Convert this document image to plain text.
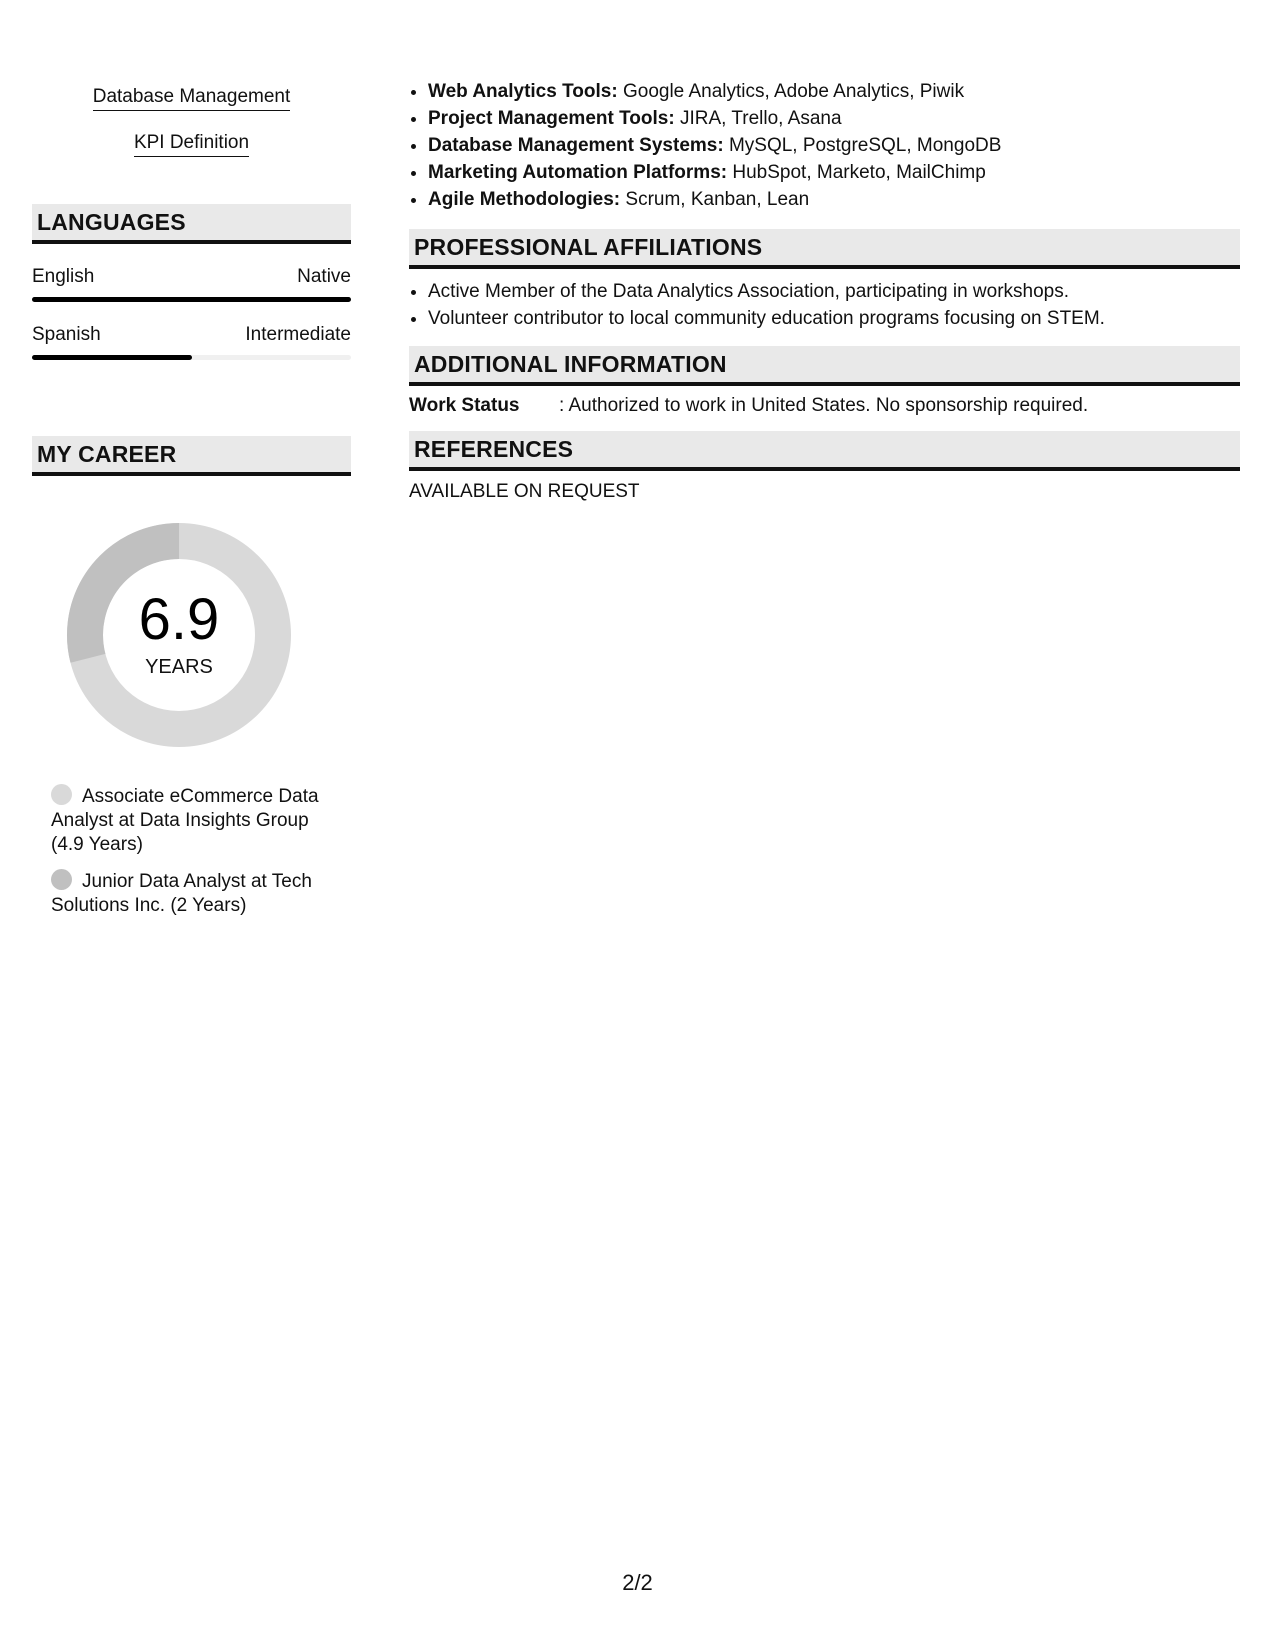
Database Management
KPI Definition
LANGUAGES
English	Native
Spanish	Intermediate
MY CAREER
6.9
YEARS
Associate eCommerce Data Analyst at Data Insights Group (4.9 Years)
Junior Data Analyst at Tech Solutions Inc. (2 Years)
• Web Analytics Tools: Google Analytics, Adobe Analytics, Piwik
• Project Management Tools: JIRA, Trello, Asana
• Database Management Systems: MySQL, PostgreSQL, MongoDB
• Marketing Automation Platforms: HubSpot, Marketo, MailChimp
• Agile Methodologies: Scrum, Kanban, Lean
PROFESSIONAL AFFILIATIONS
• Active Member of the Data Analytics Association, participating in workshops.
• Volunteer contributor to local community education programs focusing on STEM.
ADDITIONAL INFORMATION
Work Status	: Authorized to work in United States. No sponsorship required.
REFERENCES
AVAILABLE ON REQUEST
2/2
